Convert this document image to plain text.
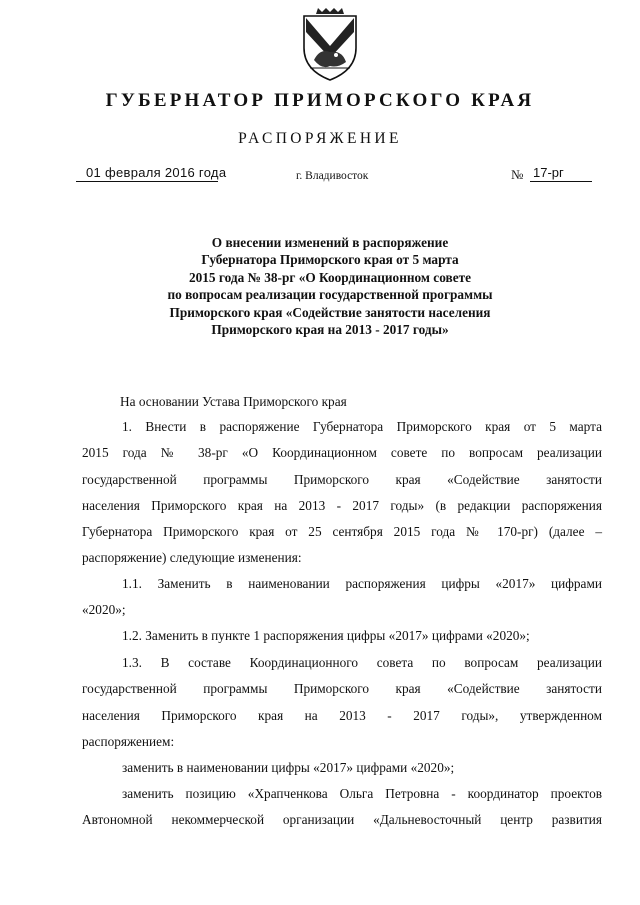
ГУБЕРНАТОР ПРИМОРСКОГО КРАЯ
РАСПОРЯЖЕНИЕ
01 февраля 2016 года	г. Владивосток	№ 17-рг
О внесении изменений в распоряжение
Губернатора Приморского края от 5 марта
2015 года № 38-рг «О Координационном совете
по вопросам реализации государственной программы
Приморского края «Содействие занятости населения
Приморского края на 2013 - 2017 годы»
На основании Устава Приморского края
1. Внести в распоряжение Губернатора Приморского края от 5 марта
2015 года № 38-рг «О Координационном совете по вопросам реализации
государственной программы Приморского края «Содействие занятости
населения Приморского края на 2013 - 2017 годы» (в редакции распоряжения
Губернатора Приморского края от 25 сентября 2015 года № 170-рг) (далее –
распоряжение) следующие изменения:
1.1. Заменить в наименовании распоряжения цифры «2017» цифрами
«2020»;
1.2. Заменить в пункте 1 распоряжения цифры «2017» цифрами «2020»;
1.3. В составе Координационного совета по вопросам реализации
государственной программы Приморского края «Содействие занятости
населения Приморского края на 2013 - 2017 годы», утвержденном
распоряжением:
заменить в наименовании цифры «2017» цифрами «2020»;
заменить позицию «Храпченкова Ольга Петровна - координатор проектов
Автономной некоммерческой организации «Дальневосточный центр развития
